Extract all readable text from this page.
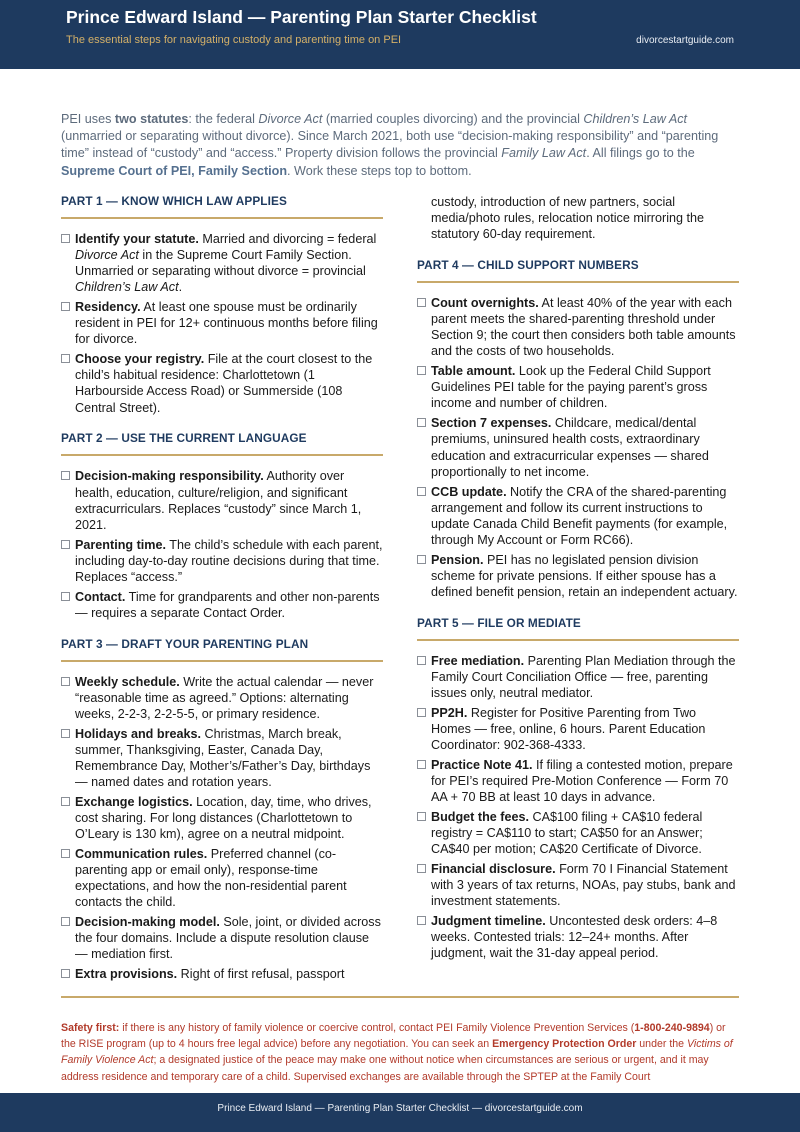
Prince Edward Island — Parenting Plan Starter Checklist
The essential steps for navigating custody and parenting time on PEI	divorcestartguide.com

PEI uses two statutes: the federal Divorce Act (married couples divorcing) and the provincial Children’s Law Act (unmarried or separating without divorce). Since March 2021, both use “decision-making responsibility” and “parenting time” instead of “custody” and “access.” Property division follows the provincial Family Law Act. All filings go to the Supreme Court of PEI, Family Section. Work these steps top to bottom.

PART 1 — KNOW WHICH LAW APPLIES
Identify your statute. Married and divorcing = federal Divorce Act in the Supreme Court Family Section. Unmarried or separating without divorce = provincial Children’s Law Act.
Residency. At least one spouse must be ordinarily resident in PEI for 12+ continuous months before filing for divorce.
Choose your registry. File at the court closest to the child’s habitual residence: Charlottetown (1 Harbourside Access Road) or Summerside (108 Central Street).
PART 2 — USE THE CURRENT LANGUAGE
Decision-making responsibility. Authority over health, education, culture/religion, and significant extracurriculars. Replaces “custody” since March 1, 2021.
Parenting time. The child’s schedule with each parent, including day-to-day routine decisions during that time. Replaces “access.”
Contact. Time for grandparents and other non-parents — requires a separate Contact Order.
PART 3 — DRAFT YOUR PARENTING PLAN
Weekly schedule. Write the actual calendar — never “reasonable time as agreed.” Options: alternating weeks, 2-2-3, 2-2-5-5, or primary residence.
Holidays and breaks. Christmas, March break, summer, Thanksgiving, Easter, Canada Day, Remembrance Day, Mother’s/Father’s Day, birthdays — named dates and rotation years.
Exchange logistics. Location, day, time, who drives, cost sharing. For long distances (Charlottetown to O’Leary is 130 km), agree on a neutral midpoint.
Communication rules. Preferred channel (co-parenting app or email only), response-time expectations, and how the non-residential parent contacts the child.
Decision-making model. Sole, joint, or divided across the four domains. Include a dispute resolution clause — mediation first.
Extra provisions. Right of first refusal, passport
custody, introduction of new partners, social media/photo rules, relocation notice mirroring the statutory 60-day requirement.
PART 4 — CHILD SUPPORT NUMBERS
Count overnights. At least 40% of the year with each parent meets the shared-parenting threshold under Section 9; the court then considers both table amounts and the costs of two households.
Table amount. Look up the Federal Child Support Guidelines PEI table for the paying parent’s gross income and number of children.
Section 7 expenses. Childcare, medical/dental premiums, uninsured health costs, extraordinary education and extracurricular expenses — shared proportionally to net income.
CCB update. Notify the CRA of the shared-parenting arrangement and follow its current instructions to update Canada Child Benefit payments (for example, through My Account or Form RC66).
Pension. PEI has no legislated pension division scheme for private pensions. If either spouse has a defined benefit pension, retain an independent actuary.
PART 5 — FILE OR MEDIATE
Free mediation. Parenting Plan Mediation through the Family Court Conciliation Office — free, parenting issues only, neutral mediator.
PP2H. Register for Positive Parenting from Two Homes — free, online, 6 hours. Parent Education Coordinator: 902-368-4333.
Practice Note 41. If filing a contested motion, prepare for PEI’s required Pre-Motion Conference — Form 70 AA + 70 BB at least 10 days in advance.
Budget the fees. CA$100 filing + CA$10 federal registry = CA$110 to start; CA$50 for an Answer; CA$40 per motion; CA$20 Certificate of Divorce.
Financial disclosure. Form 70 I Financial Statement with 3 years of tax returns, NOAs, pay stubs, bank and investment statements.
Judgment timeline. Uncontested desk orders: 4–8 weeks. Contested trials: 12–24+ months. After judgment, wait the 31-day appeal period.

Safety first: if there is any history of family violence or coercive control, contact PEI Family Violence Prevention Services (1-800-240-9894) or the RISE program (up to 4 hours free legal advice) before any negotiation. You can seek an Emergency Protection Order under the Victims of Family Violence Act; a designated justice of the peace may make one without notice when circumstances are serious or urgent, and it may address residence and temporary care of a child. Supervised exchanges are available through the SPTEP at the Family Court

Prince Edward Island — Parenting Plan Starter Checklist — divorcestartguide.com
